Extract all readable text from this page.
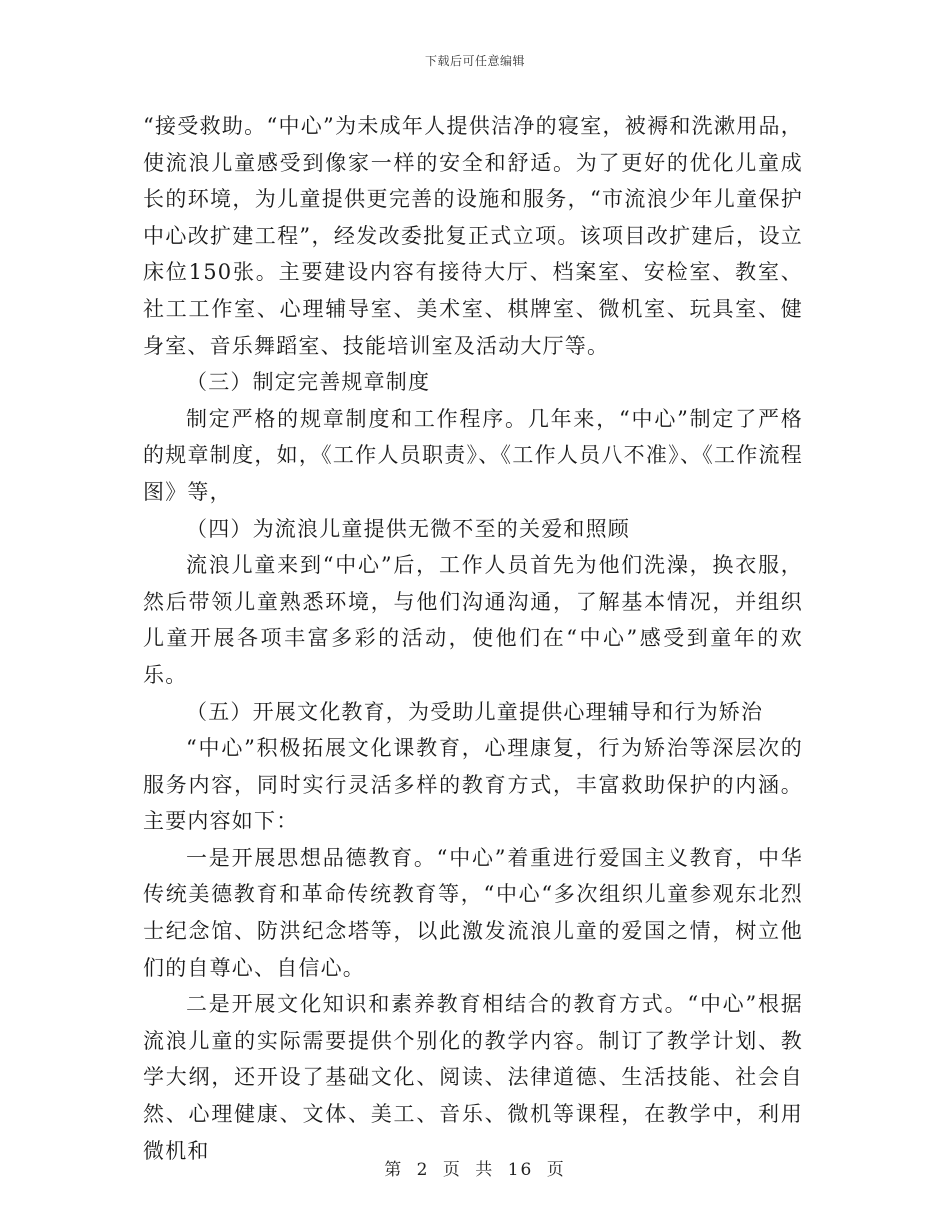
下载后可任意编辑

“接受救助。“中心”为未成年人提供洁净的寝室，被褥和洗漱用品，使流浪儿童感受到像家一样的安全和舒适。为了更好的优化儿童成长的环境，为儿童提供更完善的设施和服务，“市流浪少年儿童保护中心改扩建工程”，经发改委批复正式立项。该项目改扩建后，设立床位150张。主要建设内容有接待大厅、档案室、安检室、教室、社工工作室、心理辅导室、美术室、棋牌室、微机室、玩具室、健身室、音乐舞蹈室、技能培训室及活动大厅等。

（三）制定完善规章制度

制定严格的规章制度和工作程序。几年来，“中心”制定了严格的规章制度，如，《工作人员职责》、《工作人员八不准》、《工作流程图》等，

（四）为流浪儿童提供无微不至的关爱和照顾

流浪儿童来到“中心”后，工作人员首先为他们洗澡，换衣服，然后带领儿童熟悉环境，与他们沟通沟通，了解基本情况，并组织儿童开展各项丰富多彩的活动，使他们在“中心”感受到童年的欢乐。

（五）开展文化教育，为受助儿童提供心理辅导和行为矫治

“中心”积极拓展文化课教育，心理康复，行为矫治等深层次的服务内容，同时实行灵活多样的教育方式，丰富救助保护的内涵。主要内容如下：

一是开展思想品德教育。“中心”着重进行爱国主义教育，中华传统美德教育和革命传统教育等，“中心“多次组织儿童参观东北烈士纪念馆、防洪纪念塔等，以此激发流浪儿童的爱国之情，树立他们的自尊心、自信心。

二是开展文化知识和素养教育相结合的教育方式。“中心”根据流浪儿童的实际需要提供个别化的教学内容。制订了教学计划、教学大纲，还开设了基础文化、阅读、法律道德、生活技能、社会自然、心理健康、文体、美工、音乐、微机等课程，在教学中，利用微机和

第 2 页 共 16 页
